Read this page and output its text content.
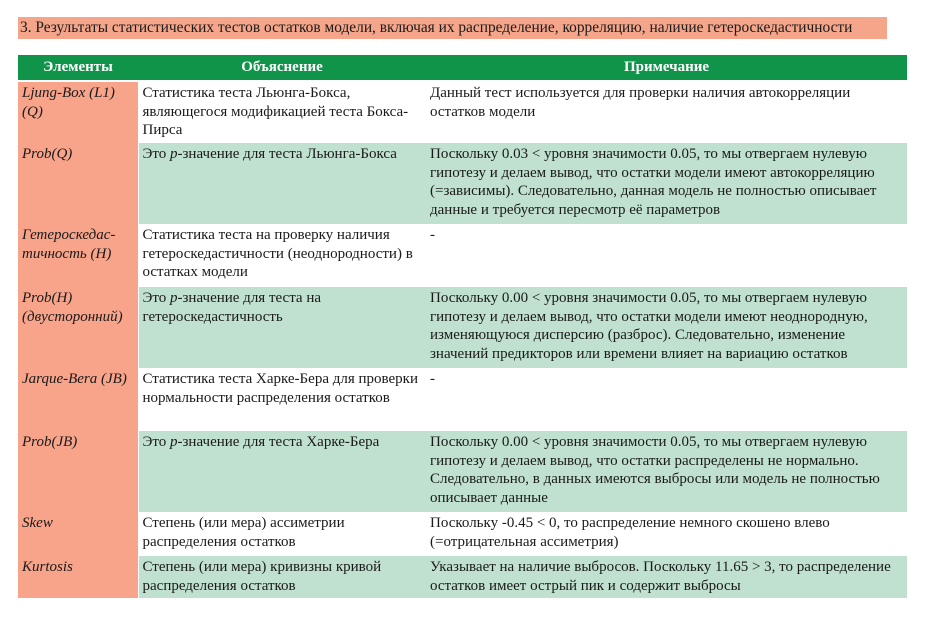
3. Результаты статистических тестов остатков модели, включая их распределение, корреляцию, наличие гетероскедастичности
Элементы	Объяснение	Примечание
Ljung-Box (L1) (Q)	Статистика теста Льюнга-Бокса, являющегося модификацией теста Бокса-Пирса	Данный тест используется для проверки наличия автокорреляции остатков модели
Prob(Q)	Это p-значение для теста Льюнга-Бокса	Поскольку 0.03 < уровня значимости 0.05, то мы отвергаем нулевую гипотезу и делаем вывод, что остатки модели имеют автокорреляцию (=зависимы). Следовательно, данная модель не полностью описывает данные и требуется пересмотр её параметров
Гетероскедас-тичность (H)	Статистика теста на проверку наличия гетероскедастичности (неоднородности) в остатках модели	-
Prob(H) (двусторонний)	Это p-значение для теста на гетероскедастичность	Поскольку 0.00 < уровня значимости 0.05, то мы отвергаем нулевую гипотезу и делаем вывод, что остатки модели имеют неоднородную, изменяющуюся дисперсию (разброс). Следовательно, изменение значений предикторов или времени влияет на вариацию остатков
Jarque-Bera (JB)	Статистика теста Харке-Бера для проверки нормальности распределения остатков	-
Prob(JB)	Это p-значение для теста Харке-Бера	Поскольку 0.00 < уровня значимости 0.05, то мы отвергаем нулевую гипотезу и делаем вывод, что остатки распределены не нормально. Следовательно, в данных имеются выбросы или модель не полностью описывает данные
Skew	Степень (или мера) ассиметрии распределения остатков	Поскольку -0.45 < 0, то распределение немного скошено влево (=отрицательная ассиметрия)
Kurtosis	Степень (или мера) кривизны кривой распределения остатков	Указывает на наличие выбросов. Поскольку 11.65 > 3, то распределение остатков имеет острый пик и содержит выбросы
